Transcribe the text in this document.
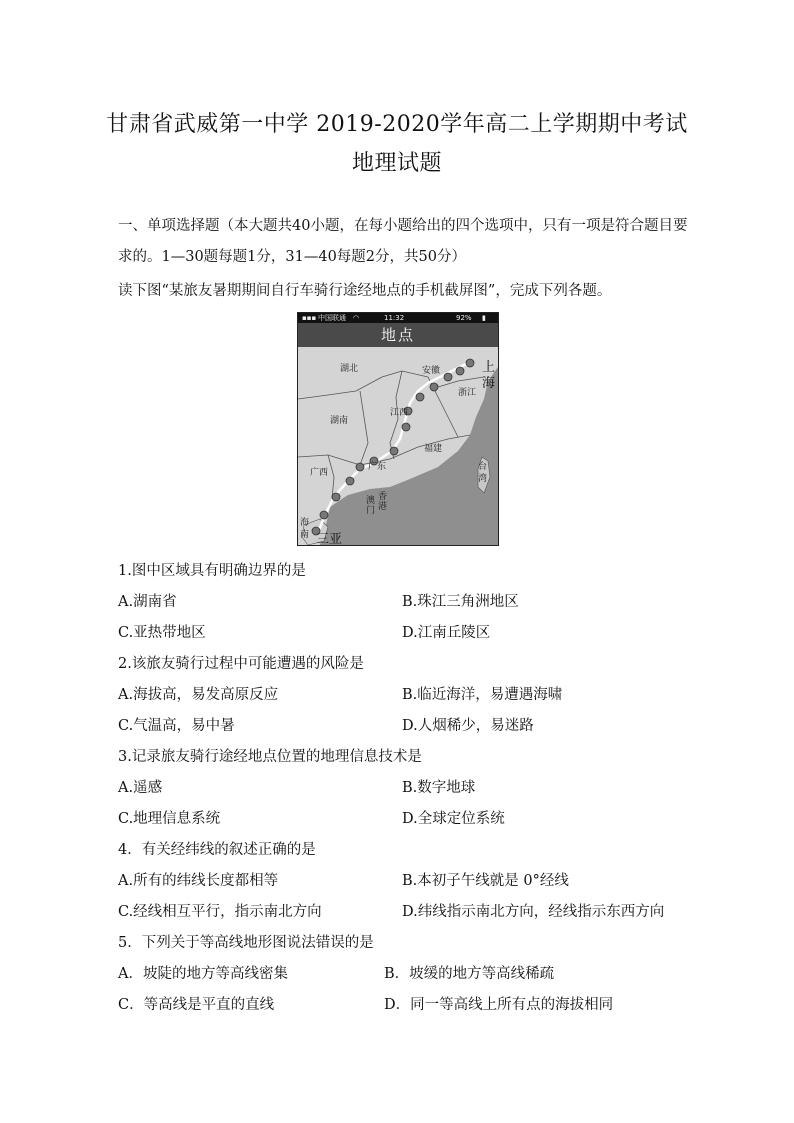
甘肃省武威第一中学 2019-2020学年高二上学期期中考试
地理试题
一、单项选择题（本大题共40小题，在每小题给出的四个选项中，只有一项是符合题目要
求的。1—30题每题1分，31—40每题2分，共50分）
读下图“某旅友暑期期间自行车骑行途经地点的手机截屏图”，完成下列各题。
▪▪▪ 中国联通 ◠	11:32	92% ▮
地点
湖北	安徽	上
海
浙江
湖南
江西
福建
广西
广东	台
湾
香
港
澳
门
海
南 三亚
1.图中区域具有明确边界的是
A.湖南省	B.珠江三角洲地区
C.亚热带地区	D.江南丘陵区
2.该旅友骑行过程中可能遭遇的风险是
A.海拔高，易发高原反应	B.临近海洋，易遭遇海啸
C.气温高，易中暑	D.人烟稀少，易迷路
3.记录旅友骑行途经地点位置的地理信息技术是
A.遥感	B.数字地球
C.地理信息系统	D.全球定位系统
4．有关经纬线的叙述正确的是
A.所有的纬线长度都相等	B.本初子午线就是 0°经线
C.经线相互平行，指示南北方向	D.纬线指示南北方向，经线指示东西方向
5．下列关于等高线地形图说法错误的是
A．坡陡的地方等高线密集	B．坡缓的地方等高线稀疏
C．等高线是平直的直线	D．同一等高线上所有点的海拔相同
